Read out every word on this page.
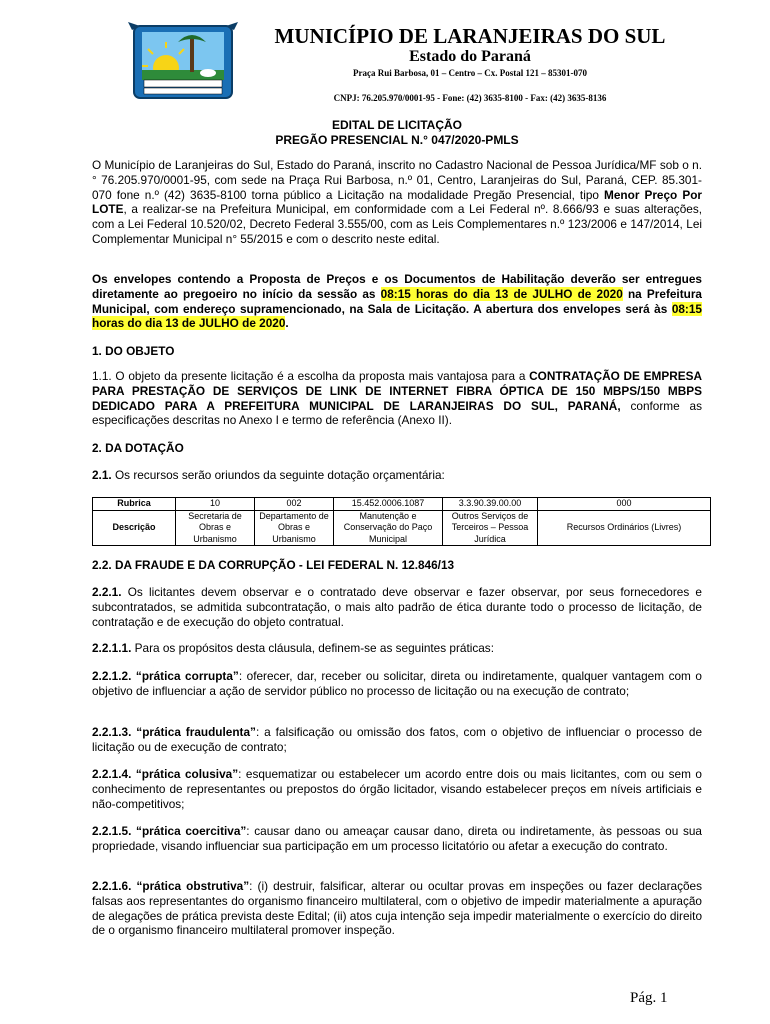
MUNICÍPIO DE LARANJEIRAS DO SUL
Estado do Paraná
Praça Rui Barbosa, 01 – Centro – Cx. Postal 121 – 85301-070
CNPJ: 76.205.970/0001-95 - Fone: (42) 3635-8100 - Fax: (42) 3635-8136
EDITAL DE LICITAÇÃO
PREGÃO PRESENCIAL N.° 047/2020-PMLS
O Município de Laranjeiras do Sul, Estado do Paraná, inscrito no Cadastro Nacional de Pessoa Jurídica/MF sob o n.° 76.205.970/0001-95, com sede na Praça Rui Barbosa, n.º 01, Centro, Laranjeiras do Sul, Paraná, CEP. 85.301-070 fone n.º (42) 3635-8100 torna público a Licitação na modalidade Pregão Presencial, tipo Menor Preço Por LOTE, a realizar-se na Prefeitura Municipal, em conformidade com a Lei Federal nº. 8.666/93 e suas alterações, com a Lei Federal 10.520/02, Decreto Federal 3.555/00, com as Leis Complementares n.º 123/2006 e 147/2014, Lei Complementar Municipal n° 55/2015 e com o descrito neste edital.
Os envelopes contendo a Proposta de Preços e os Documentos de Habilitação deverão ser entregues diretamente ao pregoeiro no início da sessão as 08:15 horas do dia 13 de JULHO de 2020 na Prefeitura Municipal, com endereço supramencionado, na Sala de Licitação. A abertura dos envelopes será às 08:15 horas do dia 13 de JULHO de 2020.
1. DO OBJETO
1.1. O objeto da presente licitação é a escolha da proposta mais vantajosa para a CONTRATAÇÃO DE EMPRESA PARA PRESTAÇÃO DE SERVIÇOS DE LINK DE INTERNET FIBRA ÓPTICA DE 150 MBPS/150 MBPS DEDICADO PARA A PREFEITURA MUNICIPAL DE LARANJEIRAS DO SUL, PARANÁ, conforme as especificações descritas no Anexo I e termo de referência (Anexo II).
2. DA DOTAÇÃO
2.1. Os recursos serão oriundos da seguinte dotação orçamentária:
Rubrica	10	002	15.452.0006.1087	3.3.90.39.00.00	000
Descrição	Secretaria de Obras e Urbanismo	Departamento de Obras e Urbanismo	Manutenção e Conservação do Paço Municipal	Outros Serviços de Terceiros – Pessoa Jurídica	Recursos Ordinários (Livres)
2.2. DA FRAUDE E DA CORRUPÇÃO - LEI FEDERAL N. 12.846/13
2.2.1. Os licitantes devem observar e o contratado deve observar e fazer observar, por seus fornecedores e subcontratados, se admitida subcontratação, o mais alto padrão de ética durante todo o processo de licitação, de contratação e de execução do objeto contratual.
2.2.1.1. Para os propósitos desta cláusula, definem-se as seguintes práticas:
2.2.1.2. “prática corrupta”: oferecer, dar, receber ou solicitar, direta ou indiretamente, qualquer vantagem com o objetivo de influenciar a ação de servidor público no processo de licitação ou na execução de contrato;
2.2.1.3. “prática fraudulenta”: a falsificação ou omissão dos fatos, com o objetivo de influenciar o processo de licitação ou de execução de contrato;
2.2.1.4. “prática colusiva”: esquematizar ou estabelecer um acordo entre dois ou mais licitantes, com ou sem o conhecimento de representantes ou prepostos do órgão licitador, visando estabelecer preços em níveis artificiais e não-competitivos;
2.2.1.5. “prática coercitiva”: causar dano ou ameaçar causar dano, direta ou indiretamente, às pessoas ou sua propriedade, visando influenciar sua participação em um processo licitatório ou afetar a execução do contrato.
2.2.1.6. “prática obstrutiva”: (i) destruir, falsificar, alterar ou ocultar provas em inspeções ou fazer declarações falsas aos representantes do organismo financeiro multilateral, com o objetivo de impedir materialmente a apuração de alegações de prática prevista deste Edital; (ii) atos cuja intenção seja impedir materialmente o exercício do direito de o organismo financeiro multilateral promover inspeção.
Pág. 1
